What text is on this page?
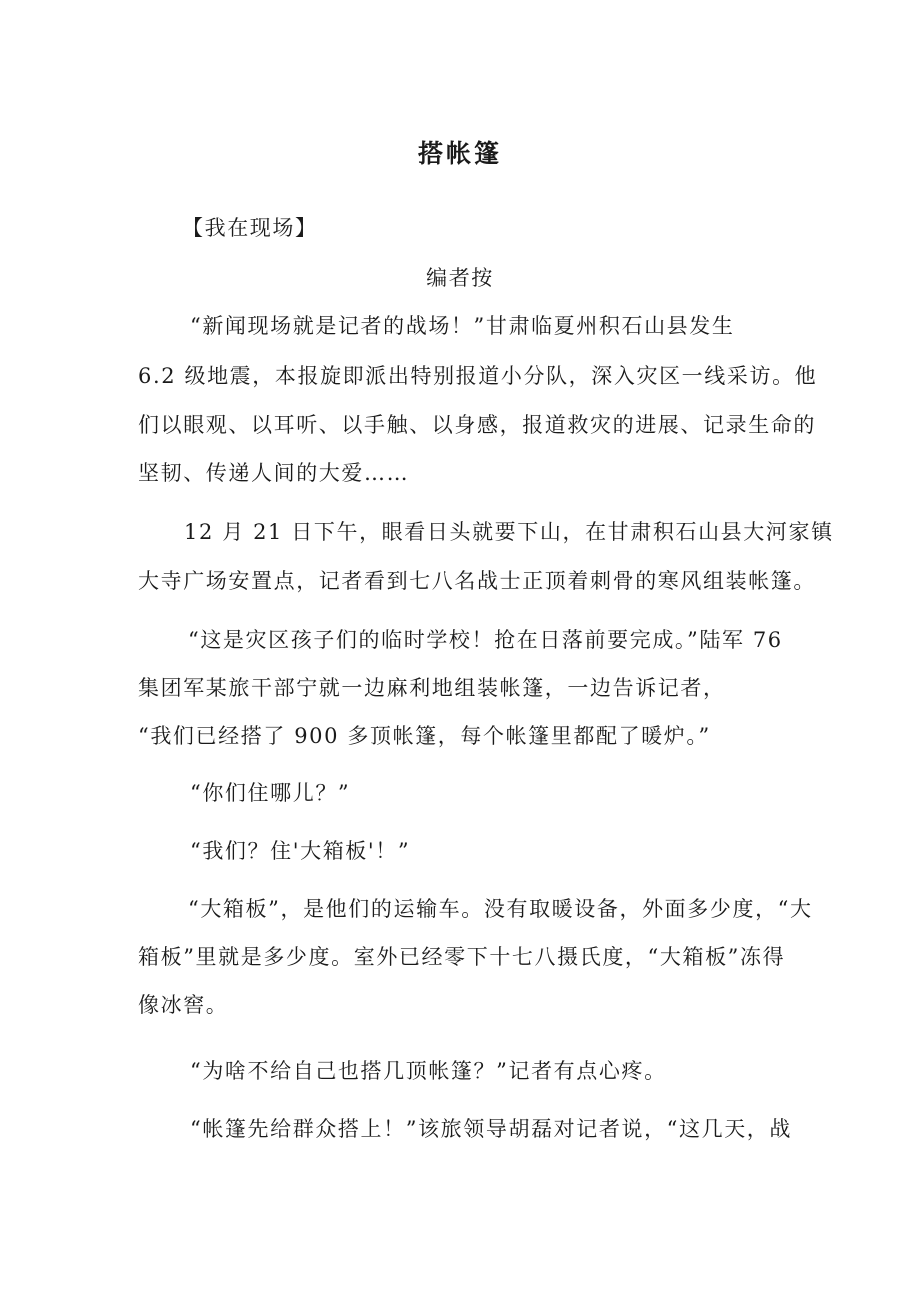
搭帐篷
【我在现场】
编者按
“新闻现场就是记者的战场！”甘肃临夏州积石山县发生
6.2 级地震，本报旋即派出特别报道小分队，深入灾区一线采访。他
们以眼观、以耳听、以手触、以身感，报道救灾的进展、记录生命的
坚韧、传递人间的大爱……
12 月 21 日下午，眼看日头就要下山，在甘肃积石山县大河家镇
大寺广场安置点，记者看到七八名战士正顶着刺骨的寒风组装帐篷。
“这是灾区孩子们的临时学校！抢在日落前要完成。”陆军 76
集团军某旅干部宁就一边麻利地组装帐篷，一边告诉记者，
“我们已经搭了 900 多顶帐篷，每个帐篷里都配了暖炉。”
“你们住哪儿？”
“我们？住'大箱板'！”
“大箱板”，是他们的运输车。没有取暖设备，外面多少度，“大
箱板”里就是多少度。室外已经零下十七八摄氏度，“大箱板”冻得
像冰窖。
“为啥不给自己也搭几顶帐篷？”记者有点心疼。
“帐篷先给群众搭上！”该旅领导胡磊对记者说，“这几天，战
